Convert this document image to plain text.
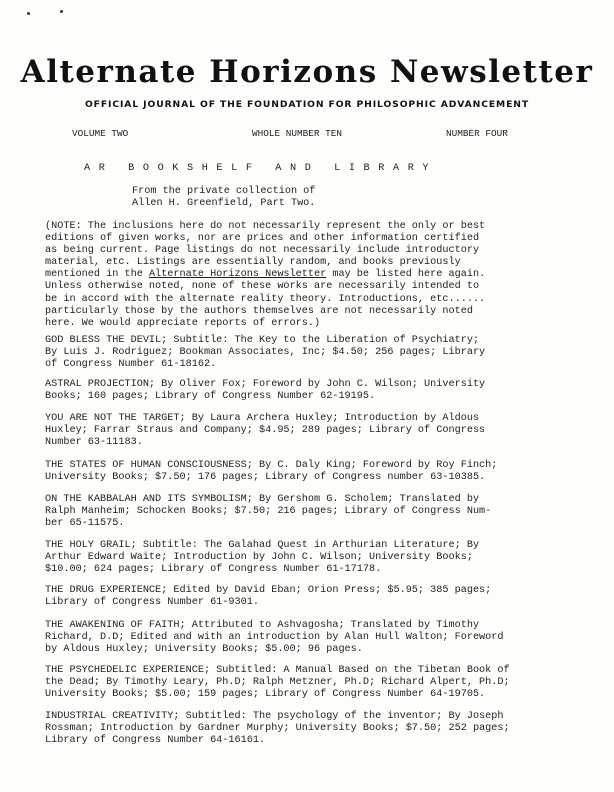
Alternate Horizons Newsletter
OFFICIAL JOURNAL OF THE FOUNDATION FOR PHILOSOPHIC ADVANCEMENT
VOLUME TWO	WHOLE NUMBER TEN	NUMBER FOUR
AR BOOKSHELF AND LIBRARY
From the private collection of
Allen H. Greenfield, Part Two.
(NOTE: The inclusions here do not necessarily represent the only or best
editions of given works, nor are prices and other information certified
as being current. Page listings do not necessarily include introductory
material, etc. Listings are essentially random, and books previously
mentioned in the Alternate Horizons Newsletter may be listed here again.
Unless otherwise noted, none of these works are necessarily intended to
be in accord with the alternate reality theory. Introductions, etc......
particularly those by the authors themselves are not necessarily noted
here. We would appreciate reports of errors.)
GOD BLESS THE DEVIL; Subtitle: The Key to the Liberation of Psychiatry;
By Luis J. Rodriguez; Bookman Associates, Inc; $4.50; 256 pages; Library
of Congress Number 61-18162.
ASTRAL PROJECTION; By Oliver Fox; Foreword by John C. Wilson; University
Books; 160 pages; Library of Congress Number 62-19195.
YOU ARE NOT THE TARGET; By Laura Archera Huxley; Introduction by Aldous
Huxley; Farrar Straus and Company; $4.95; 289 pages; Library of Congress
Number 63-11183.
THE STATES OF HUMAN CONSCIOUSNESS; By C. Daly King; Foreword by Roy Finch;
University Books; $7.50; 176 pages; Library of Congress number 63-10385.
ON THE KABBALAH AND ITS SYMBOLISM; By Gershom G. Scholem; Translated by
Ralph Manheim; Schocken Books; $7.50; 216 pages; Library of Congress Num-
ber 65-11575.
THE HOLY GRAIL; Subtitle: The Galahad Quest in Arthurian Literature; By
Arthur Edward Waite; Introduction by John C. Wilson; University Books;
$10.00; 624 pages; Library of Congress Number 61-17178.
THE DRUG EXPERIENCE; Edited by David Eban; Orion Press; $5.95; 385 pages;
Library of Congress Number 61-9301.
THE AWAKENING OF FAITH; Attributed to Ashvagosha; Translated by Timothy
Richard, D.D; Edited and with an introduction by Alan Hull Walton; Foreword
by Aldous Huxley; University Books; $5.00; 96 pages.
THE PSYCHEDELIC EXPERIENCE; Subtitled: A Manual Based on the Tibetan Book of
the Dead; By Timothy Leary, Ph.D; Ralph Metzner, Ph.D; Richard Alpert, Ph.D;
University Books; $5.00; 159 pages; Library of Congress Number 64-19705.
INDUSTRIAL CREATIVITY; Subtitled: The psychology of the inventor; By Joseph
Rossman; Introduction by Gardner Murphy; University Books; $7.50; 252 pages;
Library of Congress Number 64-16161.
